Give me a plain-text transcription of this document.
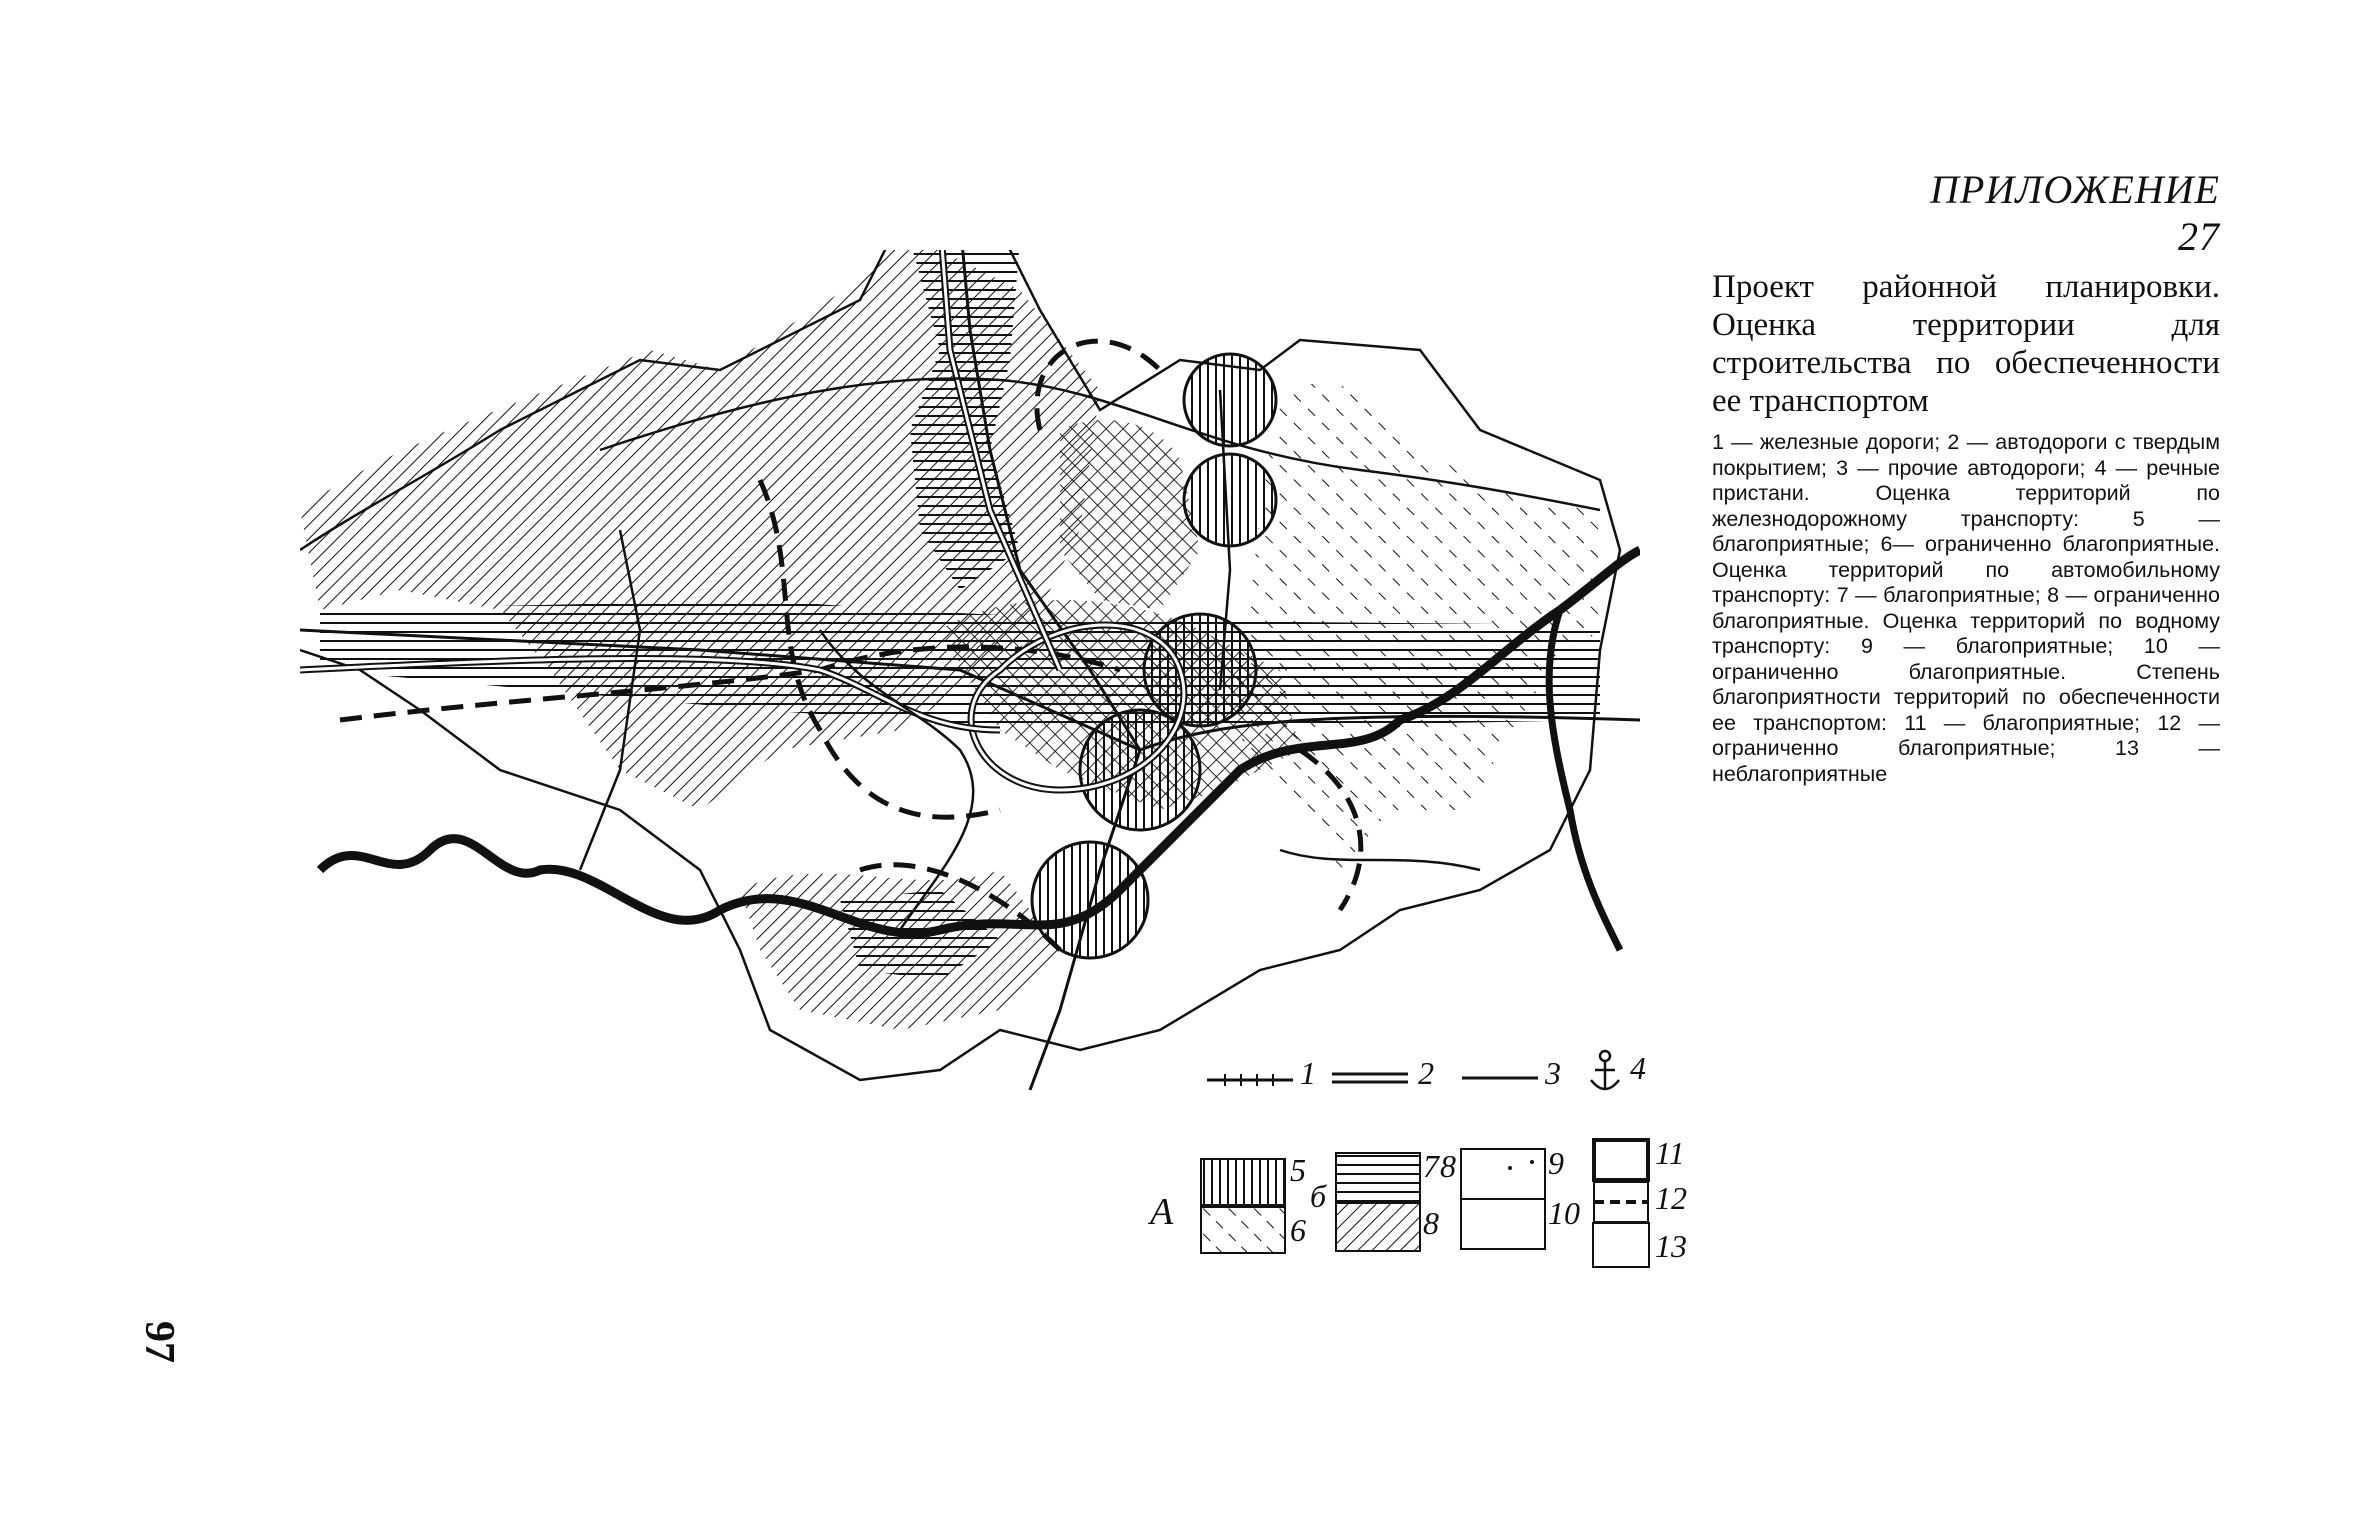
ПРИЛОЖЕНИЕ 27
Проект районной планировки. Оценка территории для строительства по обеспеченности ее транспортом
1 — железные дороги; 2 — автодороги с твердым покрытием; 3 — прочие автодороги; 4 — речные пристани. Оценка территорий по железнодорожному транспорту: 5 — благоприятные; 6— ограниченно благоприятные. Оценка территорий по автомобильному транспорту: 7 — благоприятные; 8 — ограниченно благоприятные. Оценка территорий по водному транспорту: 9 — благоприятные; 10 — ограниченно благоприятные. Степень благоприятности территорий по обеспеченности ее транспортом: 11 — благоприятные; 12 — ограниченно благоприятные; 13 — неблагоприятные
97
1	2	3 4
А
5
б
6
7 8
8
9
10
11
12
13
